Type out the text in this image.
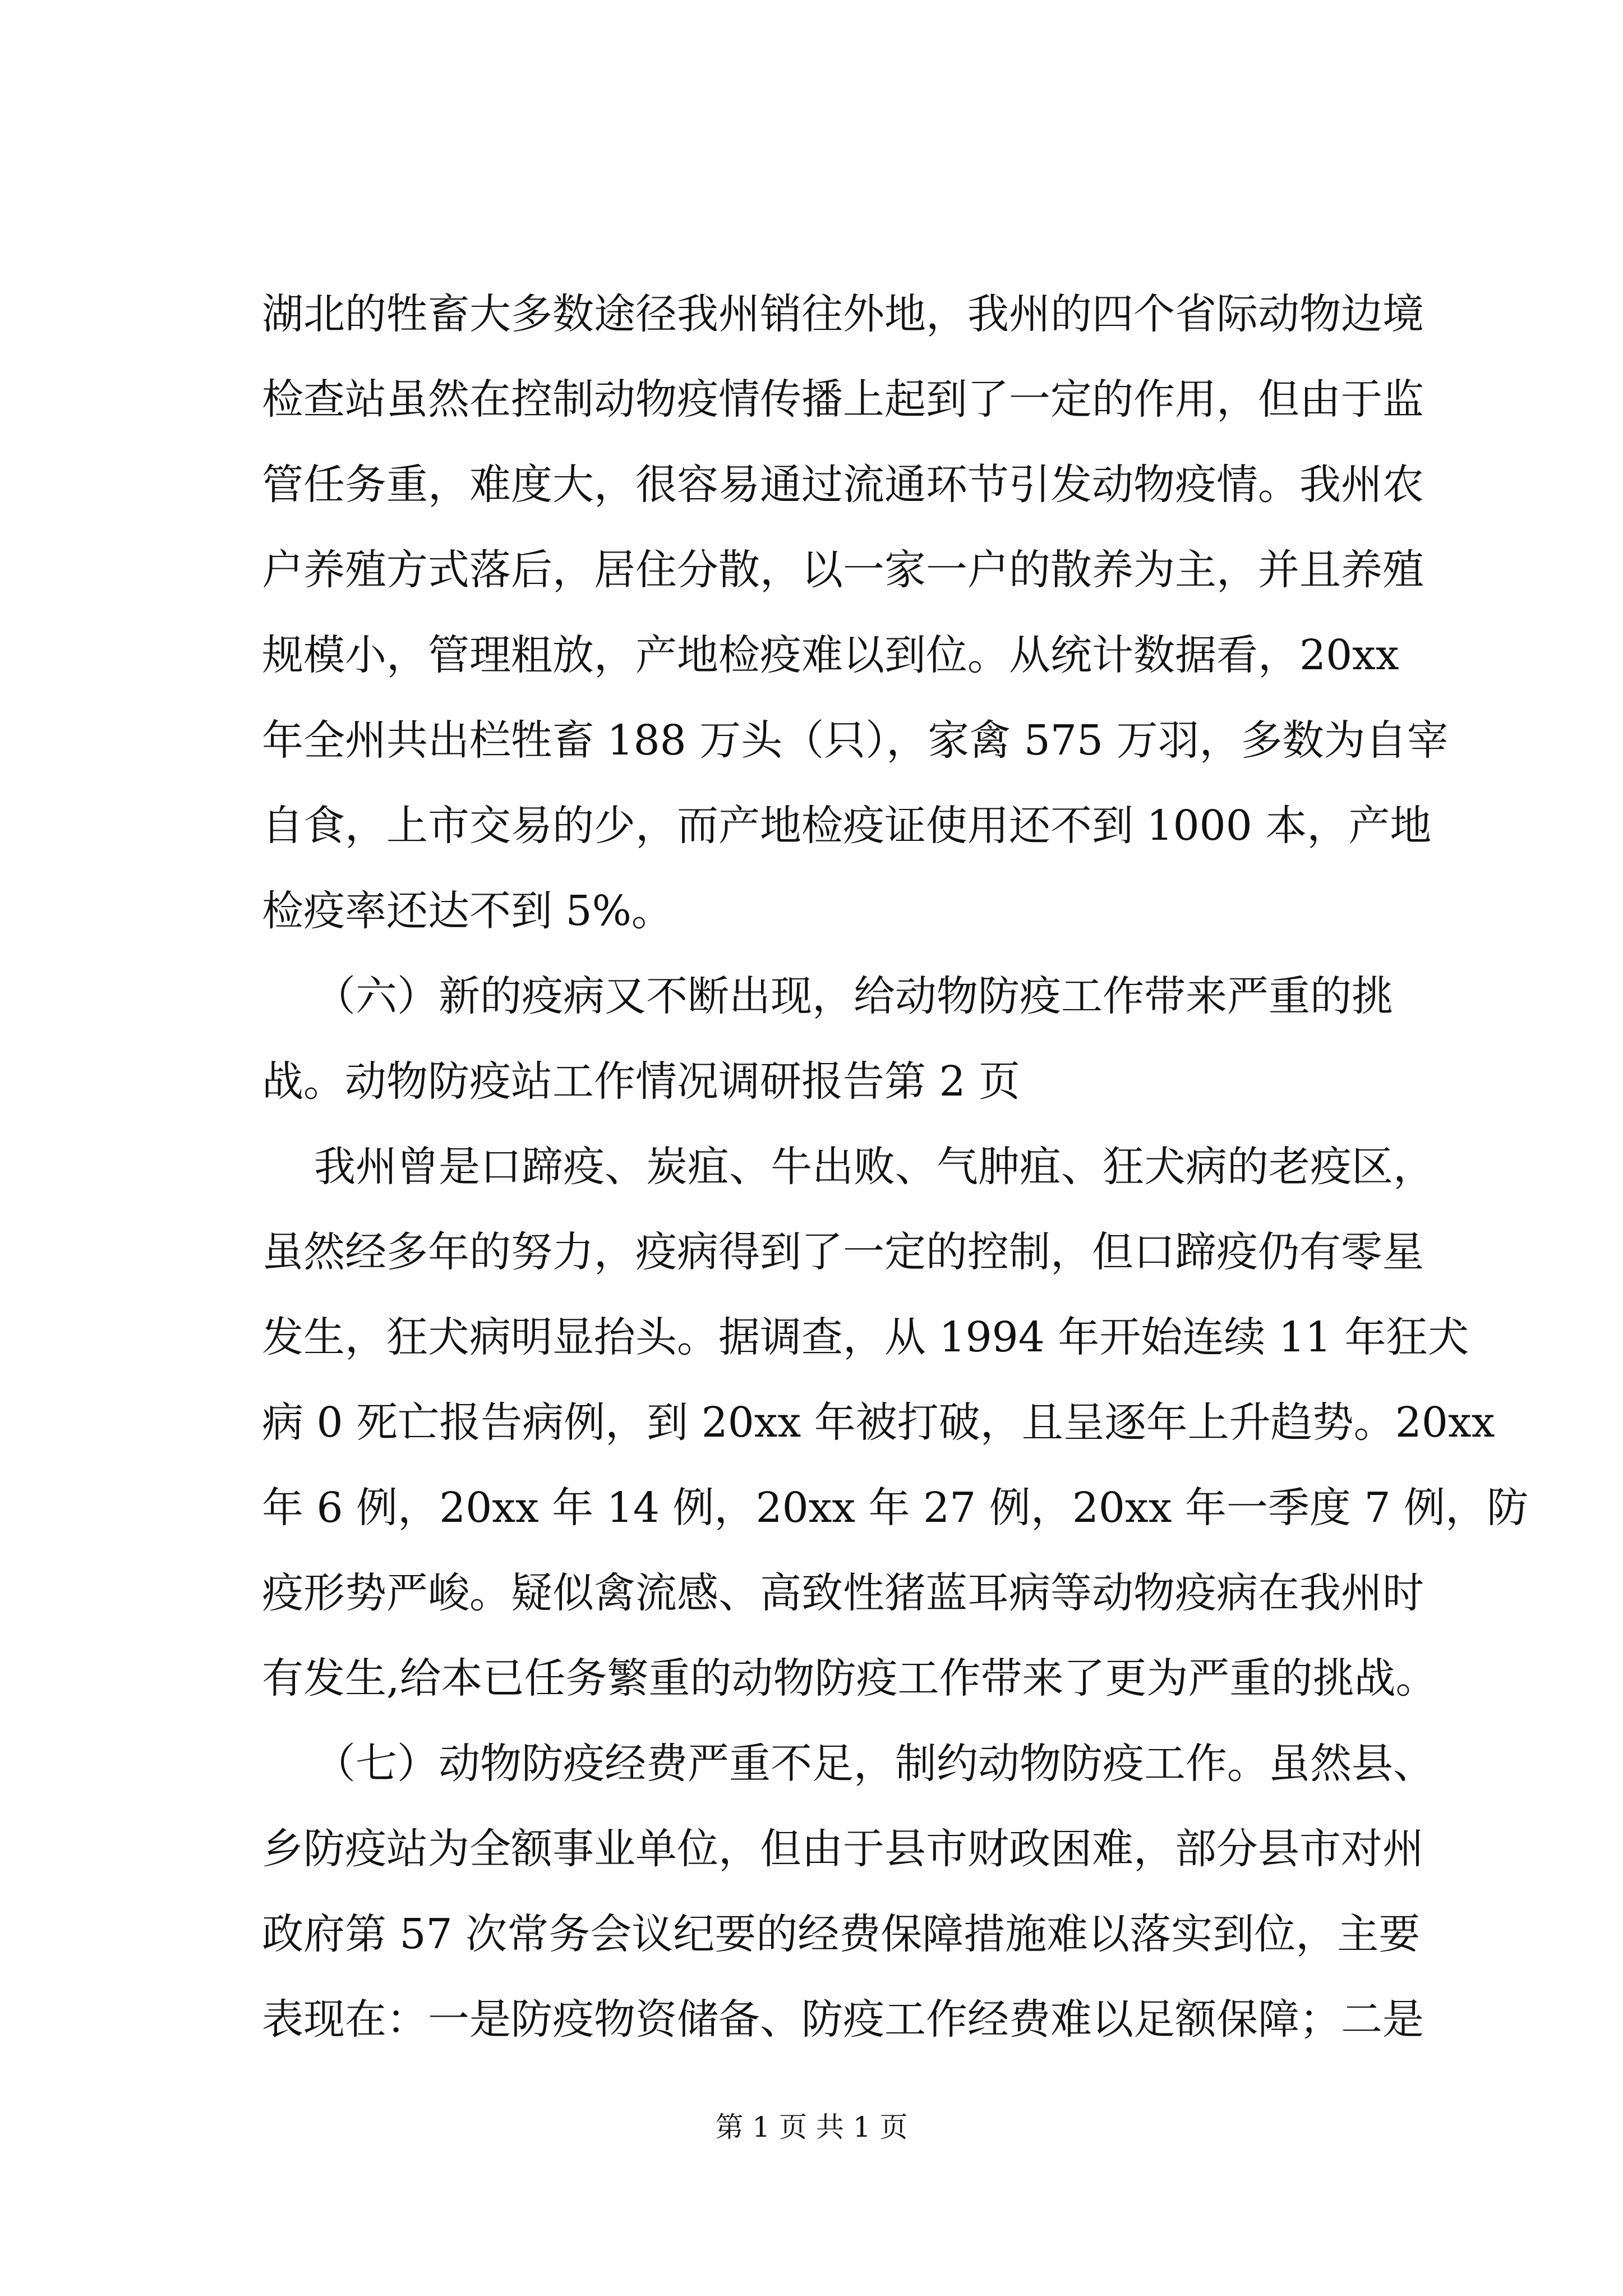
湖北的牲畜大多数途径我州销往外地，我州的四个省际动物边境
检查站虽然在控制动物疫情传播上起到了一定的作用，但由于监
管任务重，难度大，很容易通过流通环节引发动物疫情。我州农
户养殖方式落后，居住分散，以一家一户的散养为主，并且养殖
规模小，管理粗放，产地检疫难以到位。从统计数据看，20xx
年全州共出栏牲畜 188 万头（只），家禽 575 万羽，多数为自宰
自食，上市交易的少，而产地检疫证使用还不到 1000 本，产地
检疫率还达不到 5%。
（六）新的疫病又不断出现，给动物防疫工作带来严重的挑
战。动物防疫站工作情况调研报告第 2 页
我州曾是口蹄疫、炭疽、牛出败、气肿疽、狂犬病的老疫区，
虽然经多年的努力，疫病得到了一定的控制，但口蹄疫仍有零星
发生，狂犬病明显抬头。据调查，从 1994 年开始连续 11 年狂犬
病 0 死亡报告病例，到 20xx 年被打破，且呈逐年上升趋势。20xx
年 6 例，20xx 年 14 例，20xx 年 27 例，20xx 年一季度 7 例，防
疫形势严峻。疑似禽流感、高致性猪蓝耳病等动物疫病在我州时
有发生,给本已任务繁重的动物防疫工作带来了更为严重的挑战。
（七）动物防疫经费严重不足，制约动物防疫工作。虽然县、
乡防疫站为全额事业单位，但由于县市财政困难，部分县市对州
政府第 57 次常务会议纪要的经费保障措施难以落实到位，主要
表现在：一是防疫物资储备、防疫工作经费难以足额保障；二是
第 1 页 共 1 页
